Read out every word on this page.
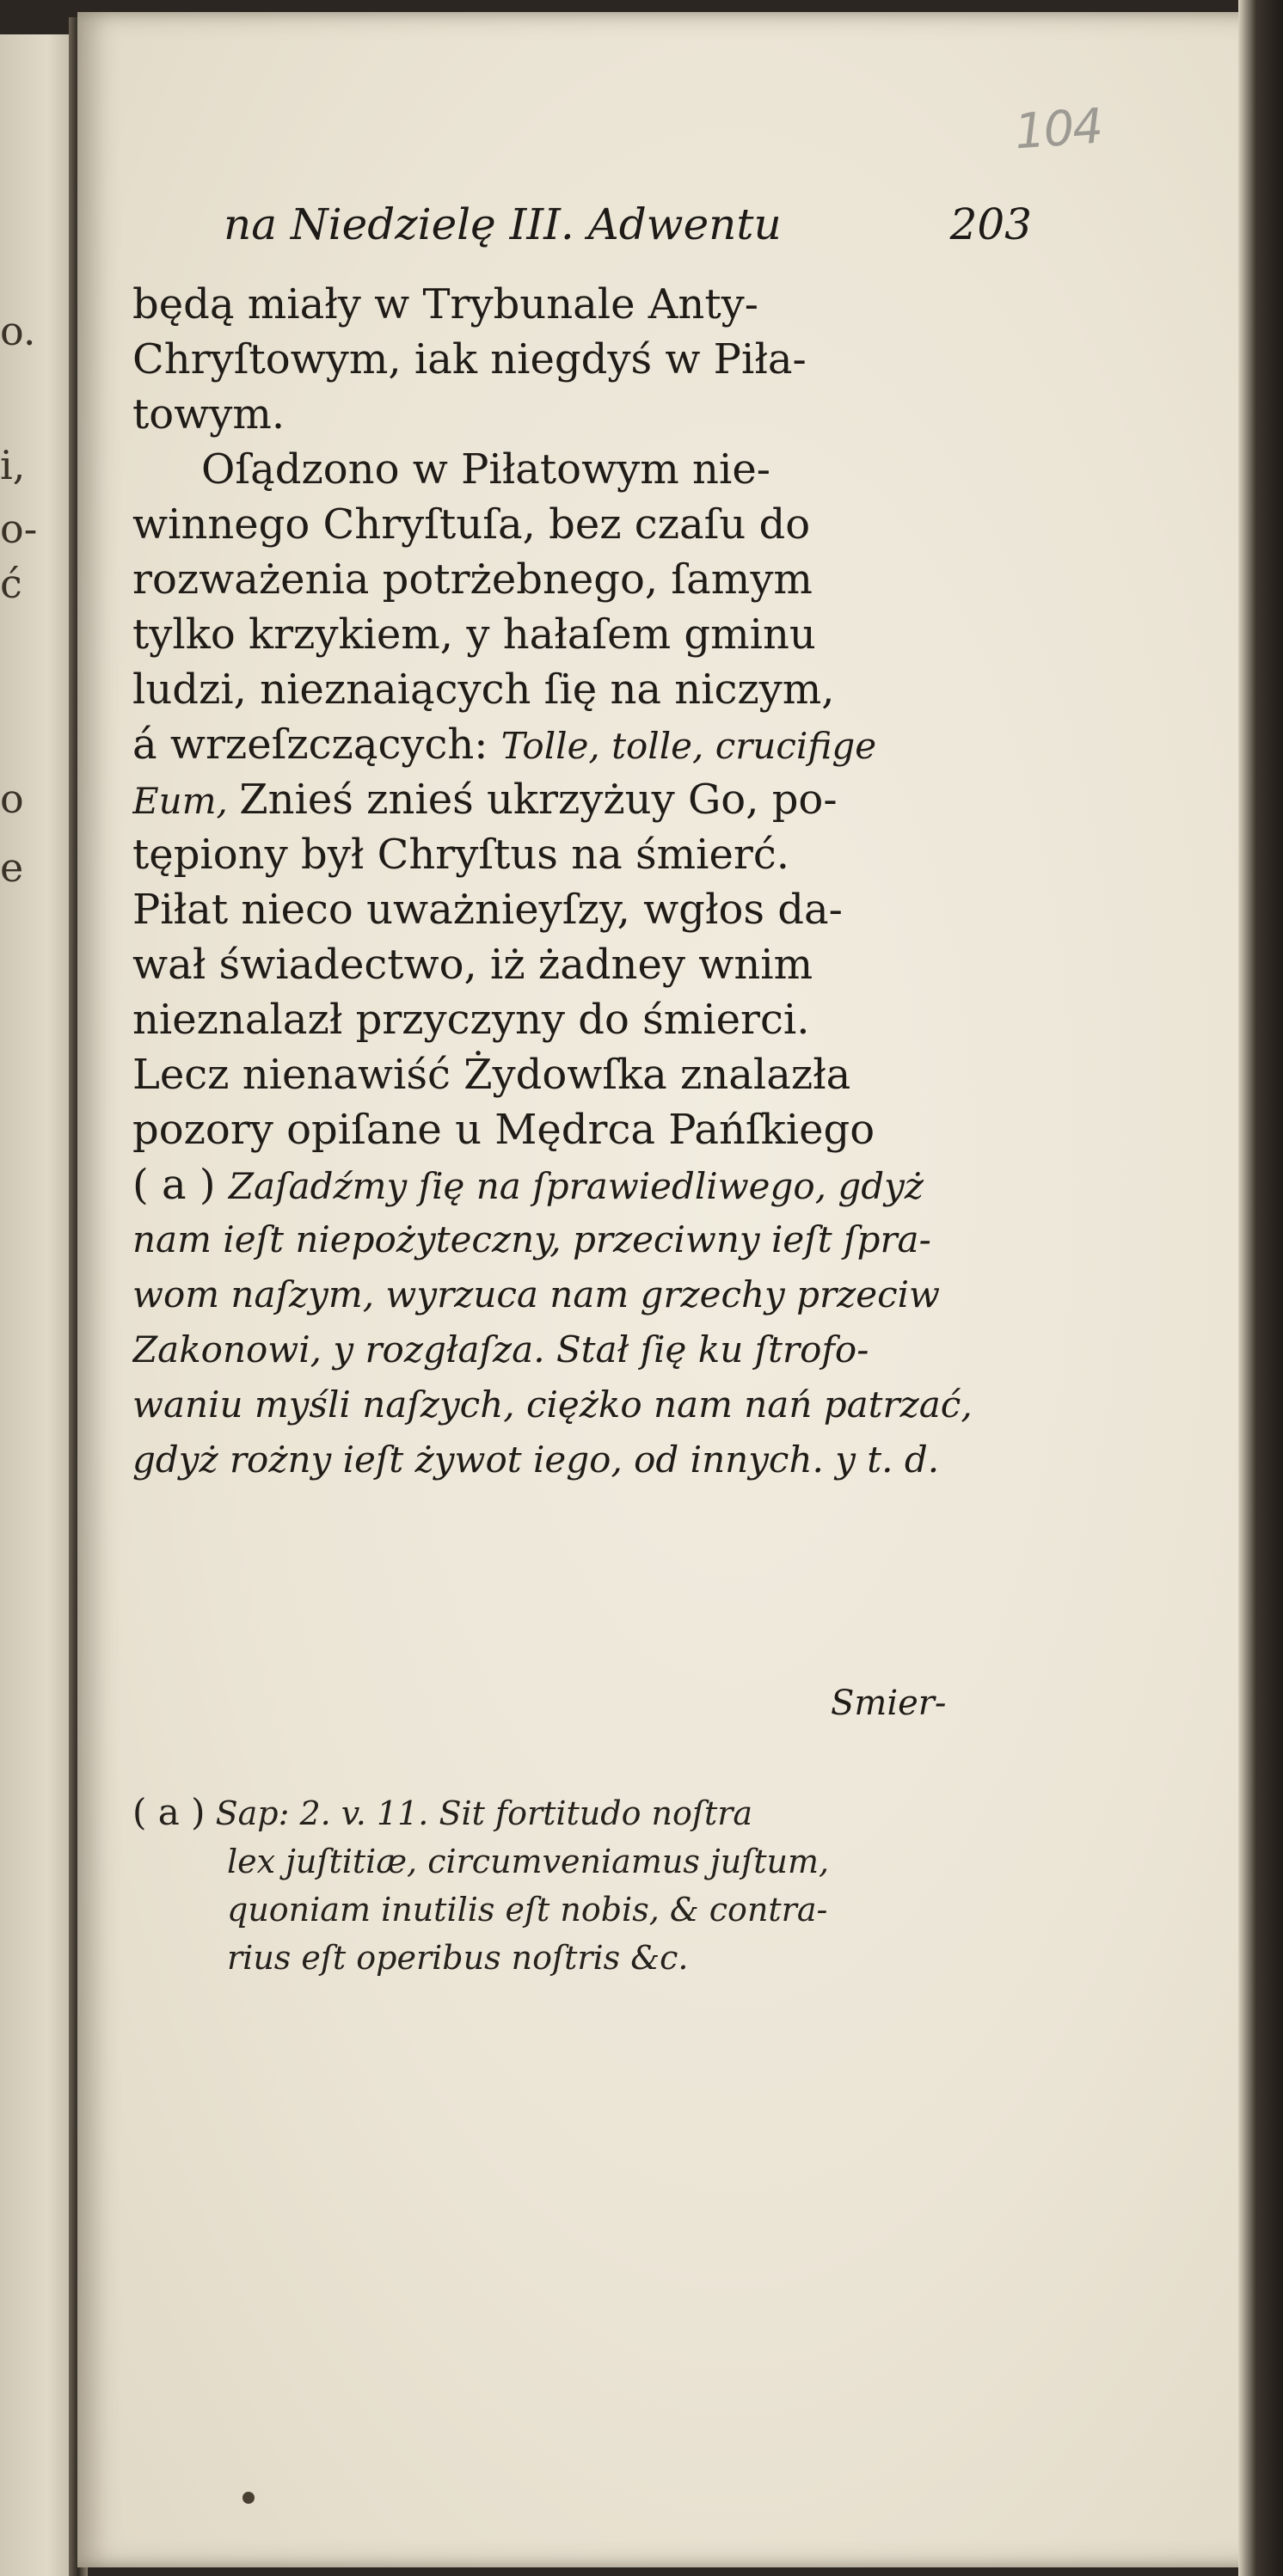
o.
i,
o-
ć
o
e
104
na Niedzielę III. Adwentu	203
będą miały w Trybunale Anty-
Chryſtowym, iak niegdyś w Piła-
towym.
Oſądzono w Piłatowym nie-
winnego Chryſtuſa, bez czaſu do
rozważenia potrżebnego, ſamym
tylko krzykiem, y hałaſem gminu
ludzi, nieznaiących ſię na niczym,
á wrzeſzczących: Tolle, tolle, crucifige
Eum, Znieś znieś ukrzyżuy Go, po-
tępiony był Chryſtus na śmierć.
Piłat nieco uważnieyſzy, wgłos da-
wał świadectwo, iż żadney wnim
nieznalazł przyczyny do śmierci.
Lecz nienawiść Żydowſka znalazła
pozory opiſane u Mędrca Pańſkiego
( a ) Zaſadźmy ſię na ſprawiedliwego, gdyż
nam ieſt niepożyteczny, przeciwny ieſt ſpra-
wom naſzym, wyrzuca nam grzechy przeciw
Zakonowi, y rozgłaſza. Stał ſię ku ſtrofo-
waniu myśli naſzych, ciężko nam nań patrzać,
gdyż rożny ieſt żywot iego, od innych. y t. d.
Smier-
( a ) Sap: 2. v. 11. Sit fortitudo noſtra
lex juſtitiæ, circumveniamus juſtum,
quoniam inutilis eſt nobis, & contra-
rius eſt operibus noſtris &c.
